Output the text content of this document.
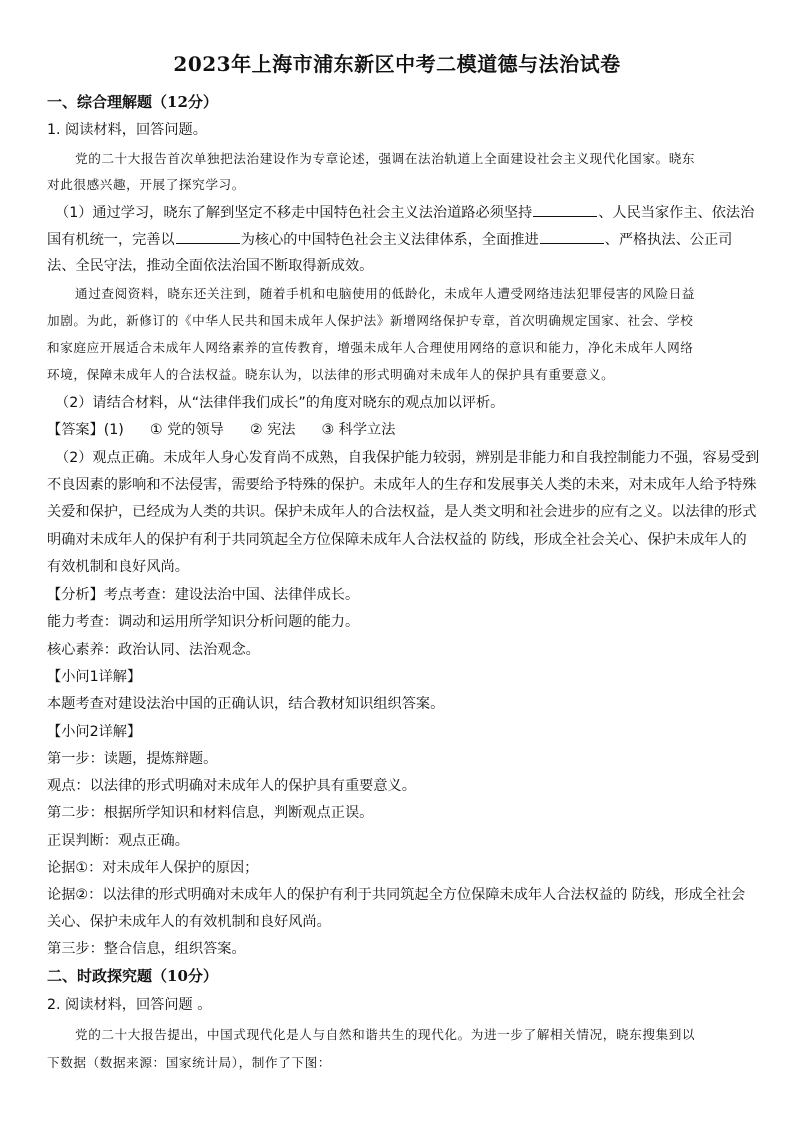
2023年上海市浦东新区中考二模道德与法治试卷
一、综合理解题（12分）
1. 阅读材料，回答问题。
党的二十大报告首次单独把法治建设作为专章论述，强调在法治轨道上全面建设社会主义现代化国家。晓东
对此很感兴趣，开展了探究学习。
（1）通过学习，晓东了解到坚定不移走中国特色社会主义法治道路必须坚持	、人民当家作主、依法治
国有机统一，完善以	为核心的中国特色社会主义法律体系，全面推进	、严格执法、公正司
法、全民守法，推动全面依法治国不断取得新成效。
通过查阅资料，晓东还关注到，随着手机和电脑使用的低龄化，未成年人遭受网络违法犯罪侵害的风险日益
加剧。为此，新修订的《中华人民共和国未成年人保护法》新增网络保护专章，首次明确规定国家、社会、学校
和家庭应开展适合未成年人网络素养的宣传教育，增强未成年人合理使用网络的意识和能力，净化未成年人网络
环境，保障未成年人的合法权益。晓东认为，以法律的形式明确对未成年人的保护具有重要意义。
（2）请结合材料，从“法律伴我们成长”的角度对晓东的观点加以评析。
【答案】(1) ① 党的领导 ② 宪法 ③ 科学立法
（2）观点正确。未成年人身心发育尚不成熟，自我保护能力较弱，辨别是非能力和自我控制能力不强，容易受到
不良因素的影响和不法侵害，需要给予特殊的保护。未成年人的生存和发展事关人类的未来，对未成年人给予特殊
关爱和保护，已经成为人类的共识。保护未成年人的合法权益，是人类文明和社会进步的应有之义。以法律的形式
明确对未成年人的保护有利于共同筑起全方位保障未成年人合法权益的 防线，形成全社会关心、保护未成年人的
有效机制和良好风尚。
【分析】考点考查：建设法治中国、法律伴成长。
能力考查：调动和运用所学知识分析问题的能力。
核心素养：政治认同、法治观念。
【小问1详解】
本题考查对建设法治中国的正确认识，结合教材知识组织答案。
【小问2详解】
第一步：读题，提炼辩题。
观点：以法律的形式明确对未成年人的保护具有重要意义。
第二步：根据所学知识和材料信息，判断观点正误。
正误判断：观点正确。
论据①：对未成年人保护的原因；
论据②：以法律的形式明确对未成年人的保护有利于共同筑起全方位保障未成年人合法权益的 防线，形成全社会
关心、保护未成年人的有效机制和良好风尚。
第三步：整合信息，组织答案。
二、时政探究题（10分）
2. 阅读材料，回答问题 。
党的二十大报告提出，中国式现代化是人与自然和谐共生的现代化。为进一步了解相关情况，晓东搜集到以
下数据（数据来源：国家统计局），制作了下图：
